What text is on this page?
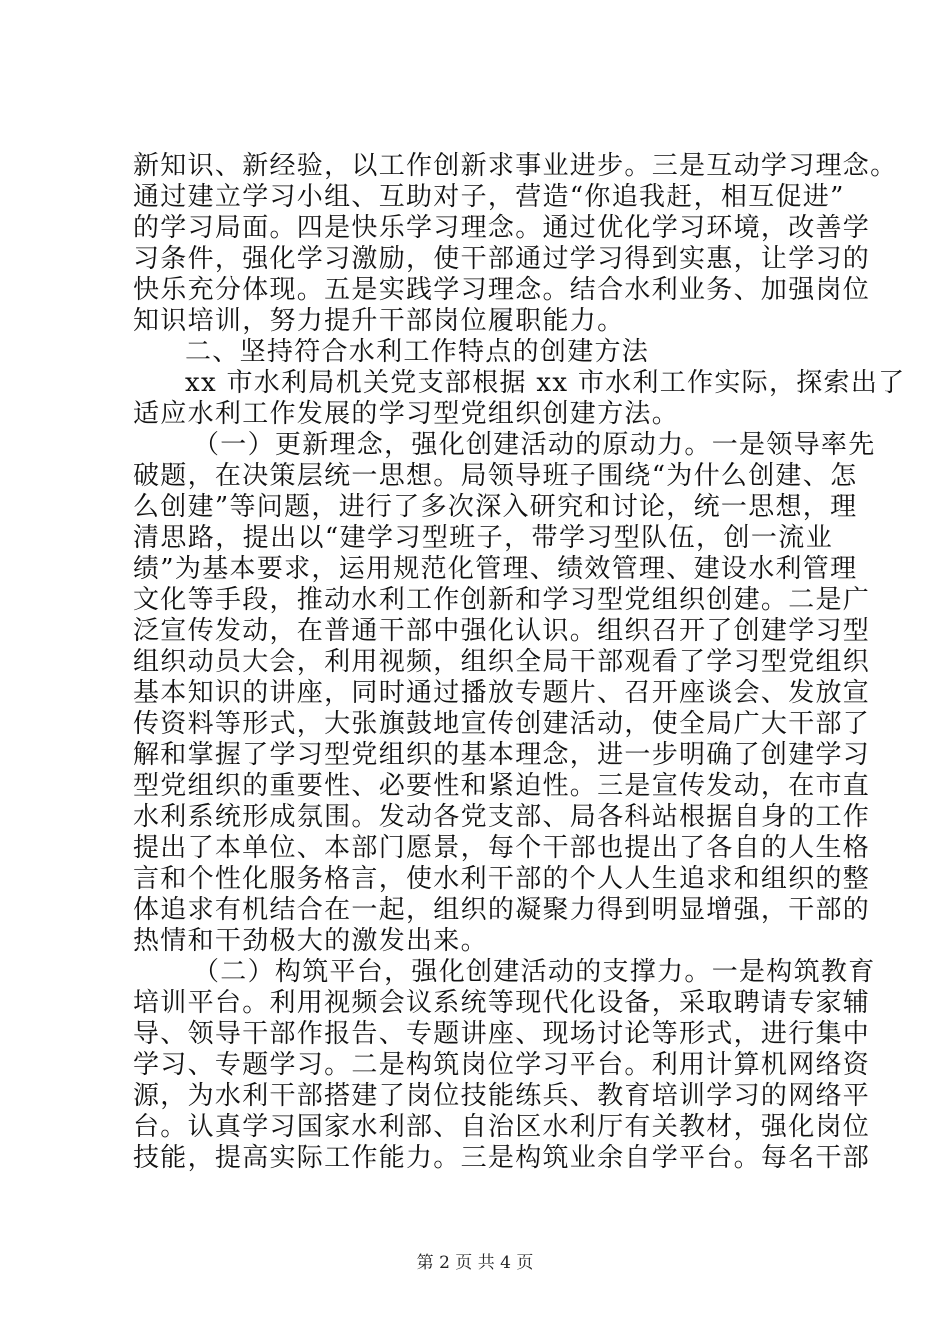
新知识、新经验，以工作创新求事业进步。三是互动学习理念。
通过建立学习小组、互助对子，营造“你追我赶，相互促进”
的学习局面。四是快乐学习理念。通过优化学习环境，改善学
习条件，强化学习激励，使干部通过学习得到实惠，让学习的
快乐充分体现。五是实践学习理念。结合水利业务、加强岗位
知识培训，努力提升干部岗位履职能力。
二、坚持符合水利工作特点的创建方法
xx 市水利局机关党支部根据 xx 市水利工作实际，探索出了
适应水利工作发展的学习型党组织创建方法。
（一）更新理念，强化创建活动的原动力。一是领导率先
破题，在决策层统一思想。局领导班子围绕“为什么创建、怎
么创建”等问题，进行了多次深入研究和讨论，统一思想，理
清思路，提出以“建学习型班子，带学习型队伍，创一流业
绩”为基本要求，运用规范化管理、绩效管理、建设水利管理
文化等手段，推动水利工作创新和学习型党组织创建。二是广
泛宣传发动，在普通干部中强化认识。组织召开了创建学习型
组织动员大会，利用视频，组织全局干部观看了学习型党组织
基本知识的讲座，同时通过播放专题片、召开座谈会、发放宣
传资料等形式，大张旗鼓地宣传创建活动，使全局广大干部了
解和掌握了学习型党组织的基本理念，进一步明确了创建学习
型党组织的重要性、必要性和紧迫性。三是宣传发动，在市直
水利系统形成氛围。发动各党支部、局各科站根据自身的工作
提出了本单位、本部门愿景，每个干部也提出了各自的人生格
言和个性化服务格言，使水利干部的个人人生追求和组织的整
体追求有机结合在一起，组织的凝聚力得到明显增强，干部的
热情和干劲极大的激发出来。
（二）构筑平台，强化创建活动的支撑力。一是构筑教育
培训平台。利用视频会议系统等现代化设备，采取聘请专家辅
导、领导干部作报告、专题讲座、现场讨论等形式，进行集中
学习、专题学习。二是构筑岗位学习平台。利用计算机网络资
源，为水利干部搭建了岗位技能练兵、教育培训学习的网络平
台。认真学习国家水利部、自治区水利厅有关教材，强化岗位
技能，提高实际工作能力。三是构筑业余自学平台。每名干部
第 2 页 共 4 页
